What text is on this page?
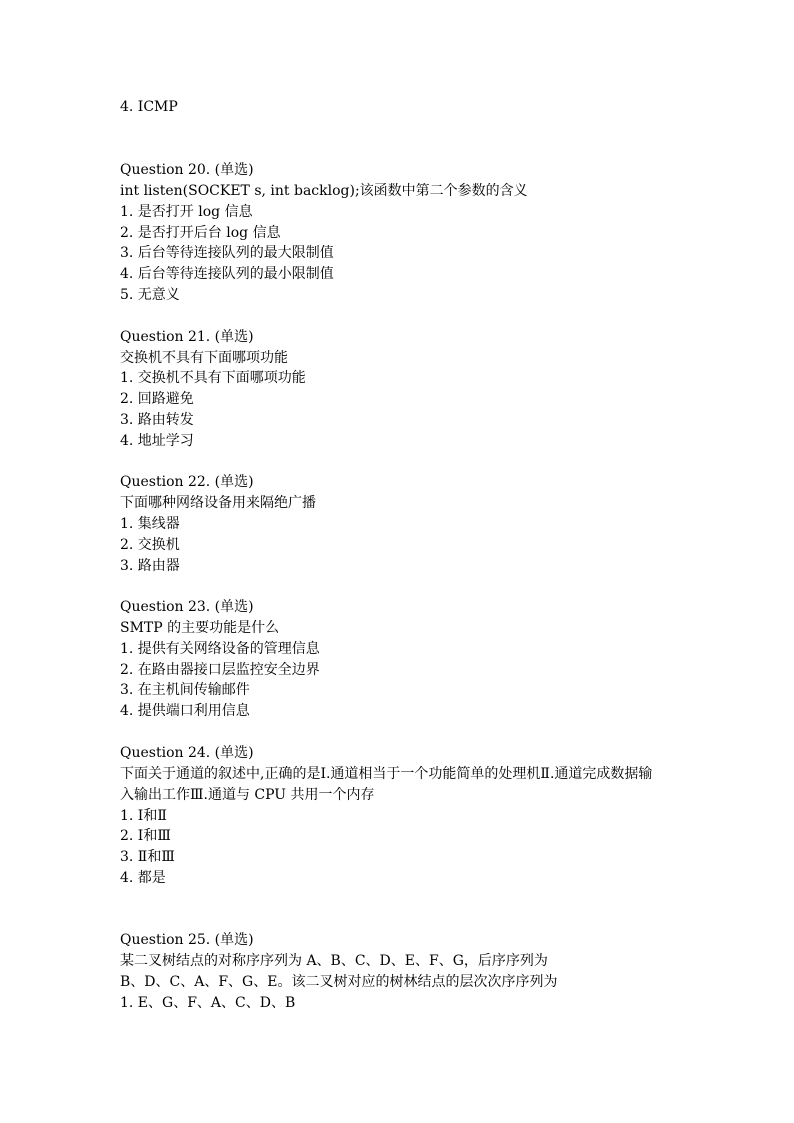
4. ICMP
Question 20. (单选)
int listen(SOCKET s, int backlog);该函数中第二个参数的含义
1. 是否打开 log 信息
2. 是否打开后台 log 信息
3. 后台等待连接队列的最大限制值
4. 后台等待连接队列的最小限制值
5. 无意义
Question 21. (单选)
交换机不具有下面哪项功能
1. 交换机不具有下面哪项功能
2. 回路避免
3. 路由转发
4. 地址学习
Question 22. (单选)
下面哪种网络设备用来隔绝广播
1. 集线器
2. 交换机
3. 路由器
Question 23. (单选)
SMTP 的主要功能是什么
1. 提供有关网络设备的管理信息
2. 在路由器接口层监控安全边界
3. 在主机间传输邮件
4. 提供端口利用信息
Question 24. (单选)
下面关于通道的叙述中,正确的是Ⅰ.通道相当于一个功能简单的处理机Ⅱ.通道完成数据输
入输出工作Ⅲ.通道与 CPU 共用一个内存
1. Ⅰ和Ⅱ
2. Ⅰ和Ⅲ
3. Ⅱ和Ⅲ
4. 都是
Question 25. (单选)
某二叉树结点的对称序序列为 A、B、C、D、E、F、G，后序序列为
B、D、C、A、F、G、E。该二叉树对应的树林结点的层次次序序列为
1. E、G、F、A、C、D、B
